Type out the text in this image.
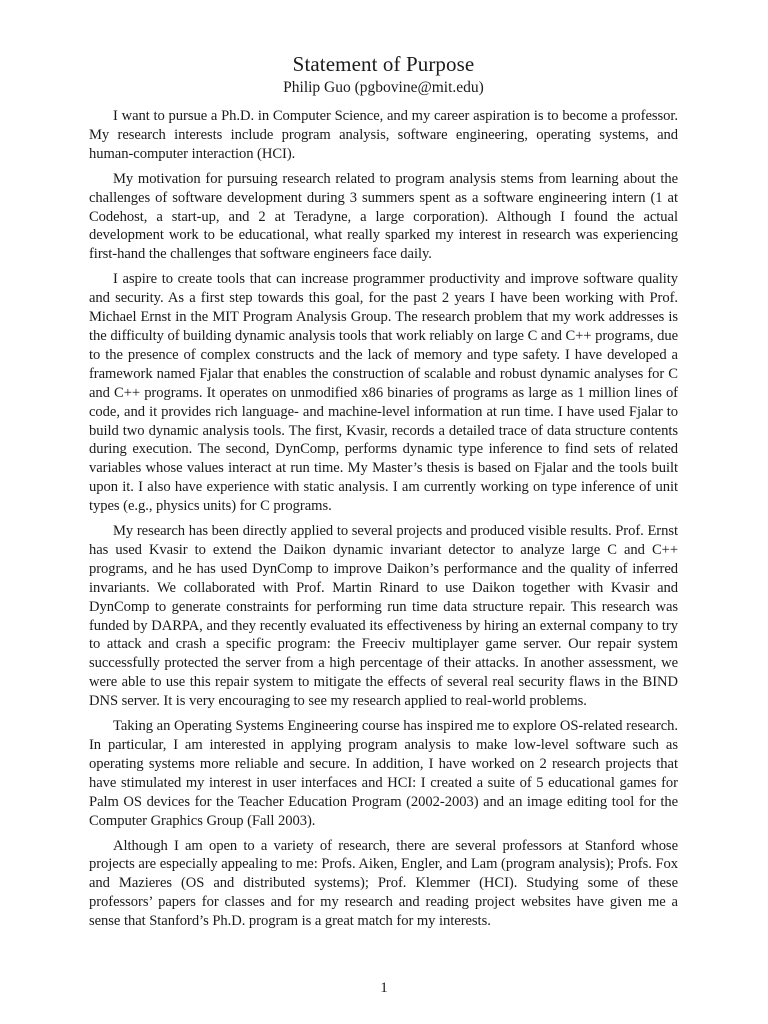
Statement of Purpose
Philip Guo (pgbovine@mit.edu)

I want to pursue a Ph.D. in Computer Science, and my career aspiration is to become a professor. My research interests include program analysis, software engineering, operating systems, and human-computer interaction (HCI).

My motivation for pursuing research related to program analysis stems from learning about the challenges of software development during 3 summers spent as a software engineering intern (1 at Codehost, a start-up, and 2 at Teradyne, a large corporation). Although I found the actual development work to be educational, what really sparked my interest in research was experiencing first-hand the challenges that software engineers face daily.

I aspire to create tools that can increase programmer productivity and improve software quality and security. As a first step towards this goal, for the past 2 years I have been working with Prof. Michael Ernst in the MIT Program Analysis Group. The research problem that my work addresses is the difficulty of building dynamic analysis tools that work reliably on large C and C++ programs, due to the presence of complex constructs and the lack of memory and type safety. I have developed a framework named Fjalar that enables the construction of scalable and robust dynamic analyses for C and C++ programs. It operates on unmodified x86 binaries of programs as large as 1 million lines of code, and it provides rich language- and machine-level information at run time. I have used Fjalar to build two dynamic analysis tools. The first, Kvasir, records a detailed trace of data structure contents during execution. The second, DynComp, performs dynamic type inference to find sets of related variables whose values interact at run time. My Master’s thesis is based on Fjalar and the tools built upon it. I also have experience with static analysis. I am currently working on type inference of unit types (e.g., physics units) for C programs.

My research has been directly applied to several projects and produced visible results. Prof. Ernst has used Kvasir to extend the Daikon dynamic invariant detector to analyze large C and C++ programs, and he has used DynComp to improve Daikon’s performance and the quality of inferred invariants. We collaborated with Prof. Martin Rinard to use Daikon together with Kvasir and DynComp to generate constraints for performing run time data structure repair. This research was funded by DARPA, and they recently evaluated its effectiveness by hiring an external company to try to attack and crash a specific program: the Freeciv multiplayer game server. Our repair system successfully protected the server from a high percentage of their attacks. In another assessment, we were able to use this repair system to mitigate the effects of several real security flaws in the BIND DNS server. It is very encouraging to see my research applied to real-world problems.

Taking an Operating Systems Engineering course has inspired me to explore OS-related research. In particular, I am interested in applying program analysis to make low-level software such as operating systems more reliable and secure. In addition, I have worked on 2 research projects that have stimulated my interest in user interfaces and HCI: I created a suite of 5 educational games for Palm OS devices for the Teacher Education Program (2002-2003) and an image editing tool for the Computer Graphics Group (Fall 2003).

Although I am open to a variety of research, there are several professors at Stanford whose projects are especially appealing to me: Profs. Aiken, Engler, and Lam (program analysis); Profs. Fox and Mazieres (OS and distributed systems); Prof. Klemmer (HCI). Studying some of these professors’ papers for classes and for my research and reading project websites have given me a sense that Stanford’s Ph.D. program is a great match for my interests.

1
